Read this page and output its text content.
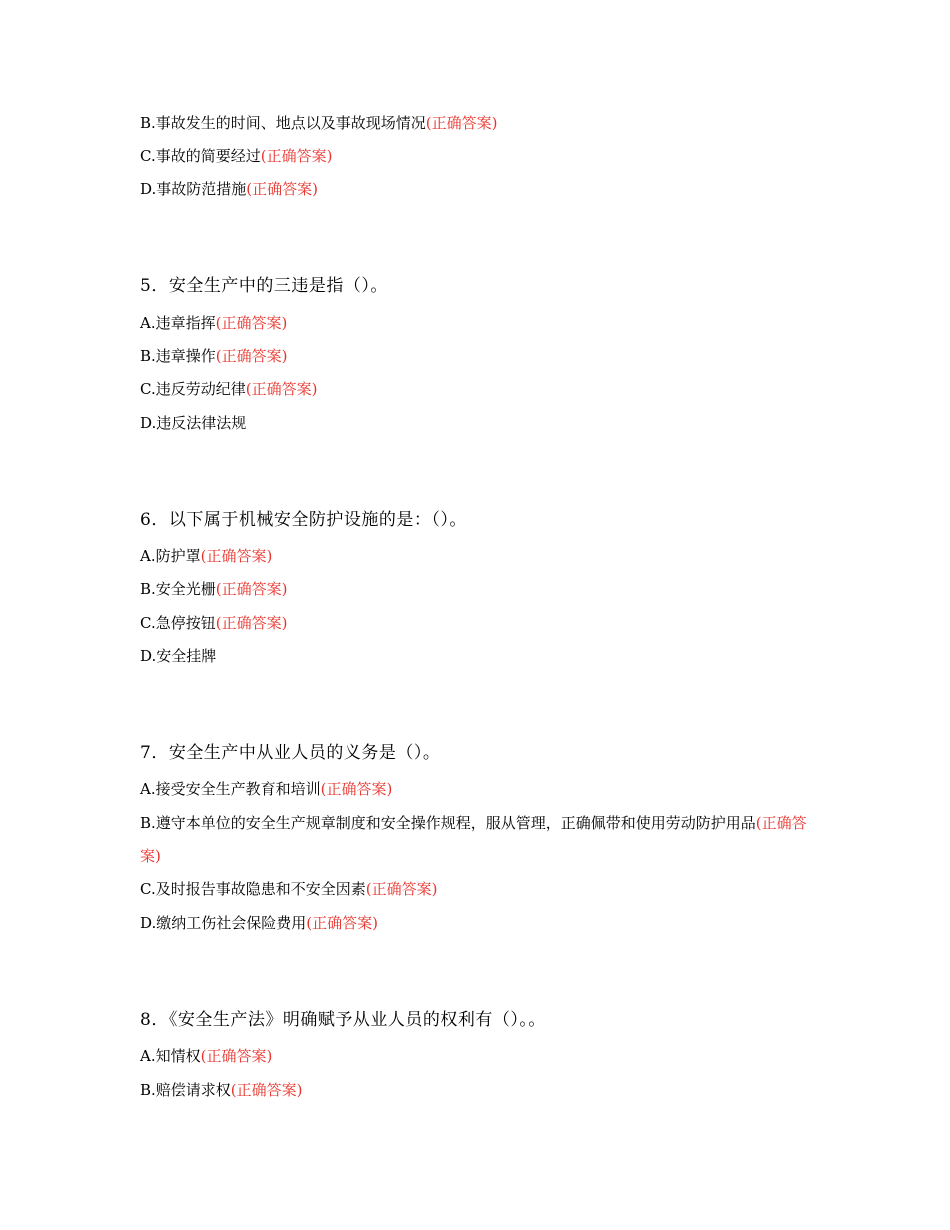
B.事故发生的时间、地点以及事故现场情况(正确答案)
C.事故的简要经过(正确答案)
D.事故防范措施(正确答案)
5．安全生产中的三违是指（）。
A.违章指挥(正确答案)
B.违章操作(正确答案)
C.违反劳动纪律(正确答案)
D.违反法律法规
6．以下属于机械安全防护设施的是：（）。
A.防护罩(正确答案)
B.安全光栅(正确答案)
C.急停按钮(正确答案)
D.安全挂牌
7．安全生产中从业人员的义务是（）。
A.接受安全生产教育和培训(正确答案)
B.遵守本单位的安全生产规章制度和安全操作规程，服从管理，正确佩带和使用劳动防护用品(正确答案)
C.及时报告事故隐患和不安全因素(正确答案)
D.缴纳工伤社会保险费用(正确答案)
8．《安全生产法》明确赋予从业人员的权利有（）。。
A.知情权(正确答案)
B.赔偿请求权(正确答案)
